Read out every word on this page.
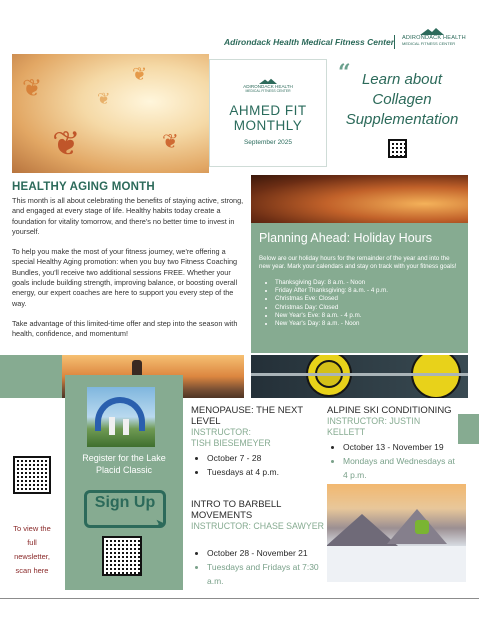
Adirondack Health Medical Fitness Center ADIRONDACK HEALTH
MEDICAL FITNESS CENTER
❦
❦
❦
❦
❦
ADIRONDACK HEALTH
MEDICAL FITNESS CENTER
AHMED FIT
MONTHLY
September 2025
“ Learn about
Collagen
Supplementation
HEALTHY AGING MONTH

This month is all about celebrating the benefits of staying active, strong, and engaged at every stage of life. Healthy habits today create a foundation for vitality tomorrow, and there's no better time to invest in yourself.

To help you make the most of your fitness journey, we're offering a special Healthy Aging promotion: when you buy two Fitness Coaching Bundles, you'll receive two additional sessions FREE. Whether your goals include building strength, improving balance, or boosting overall energy, our expert coaches are here to support you every step of the way.

Take advantage of this limited-time offer and step into the season with health, confidence, and momentum!

Planning Ahead: Holiday Hours
Below are our holiday hours for the remainder of the year and into the new year. Mark your calendars and stay on track with your fitness goals!
• Thanksgiving Day: 8 a.m. - Noon
• Friday After Thanksgiving: 8 a.m. - 4 p.m.
• Christmas Eve: Closed
• Christmas Day: Closed
• New Year's Eve: 8 a.m. - 4 p.m.
• New Year's Day: 8 a.m. - Noon
Register for the Lake
Placid Classic
Sign Up
➤
To view the
full
newsletter,
scan here
MENOPAUSE: THE NEXT LEVEL
INSTRUCTOR:
TISH BIESEMEYER
• October 7 - 28
• Tuesdays at 4 p.m.
ALPINE SKI CONDITIONING
INSTRUCTOR: JUSTIN KELLETT
• October 13 - November 19
• Mondays and Wednesdays at 4 p.m.
INTRO TO BARBELL
MOVEMENTS
INSTRUCTOR: CHASE SAWYER
• October 28 - November 21
• Tuesdays and Fridays at 7:30 a.m.
